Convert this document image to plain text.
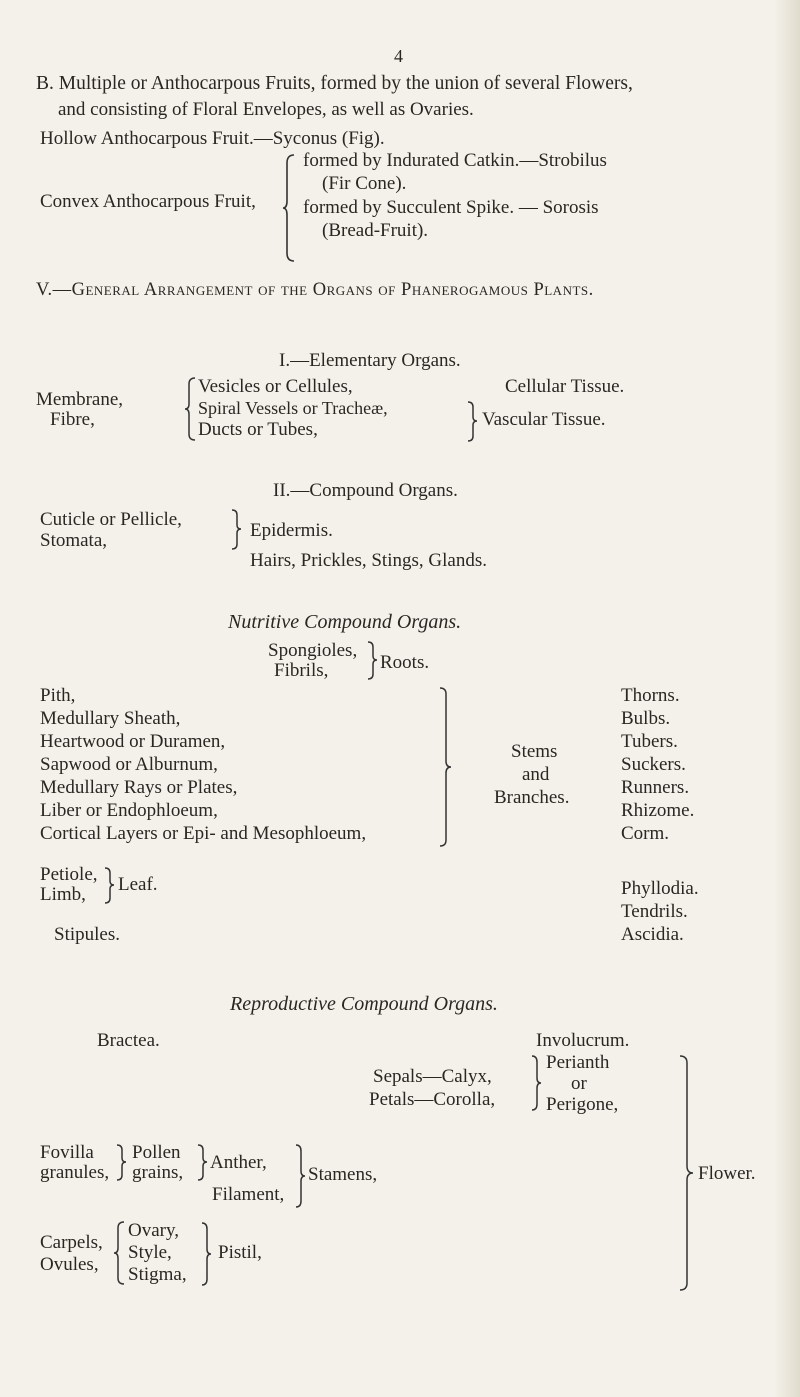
4
B. Multiple or Anthocarpous Fruits, formed by the union of several Flowers,
and consisting of Floral Envelopes, as well as Ovaries.
Hollow Anthocarpous Fruit.—Syconus (Fig).
Convex Anthocarpous Fruit,
formed by Indurated Catkin.—Strobilus
(Fir Cone).
formed by Succulent Spike. — Sorosis
(Bread-Fruit).
V.—General Arrangement of the Organs of Phanerogamous Plants.
I.—Elementary Organs.
Membrane,
Fibre,
Vesicles or Cellules,
Spiral Vessels or Tracheæ,
Ducts or Tubes,
Cellular Tissue.
Vascular Tissue.
II.—Compound Organs.
Cuticle or Pellicle,
Stomata,	Epidermis.
Hairs, Prickles, Stings, Glands.
Nutritive Compound Organs.
Spongioles,
Fibrils,	Roots.
Pith,
Medullary Sheath,
Heartwood or Duramen,
Sapwood or Alburnum,
Medullary Rays or Plates,
Liber or Endophloeum,
Cortical Layers or Epi- and Mesophloeum,
Stems
and
Branches.
Thorns.
Bulbs.
Tubers.
Suckers.
Runners.
Rhizome.
Corm.
Petiole,
Limb, Leaf.
Stipules.
Phyllodia.
Tendrils.
Ascidia.
Reproductive Compound Organs.
Bractea.	Involucrum.
Sepals—Calyx,
Petals—Corolla,
Perianth
or
Perigone,
Fovilla
granules,
Pollen
grains, Anther,
Filament,
Stamens,
Carpels,
Ovules,
Ovary,
Style,
Stigma,
Pistil,
Flower.
